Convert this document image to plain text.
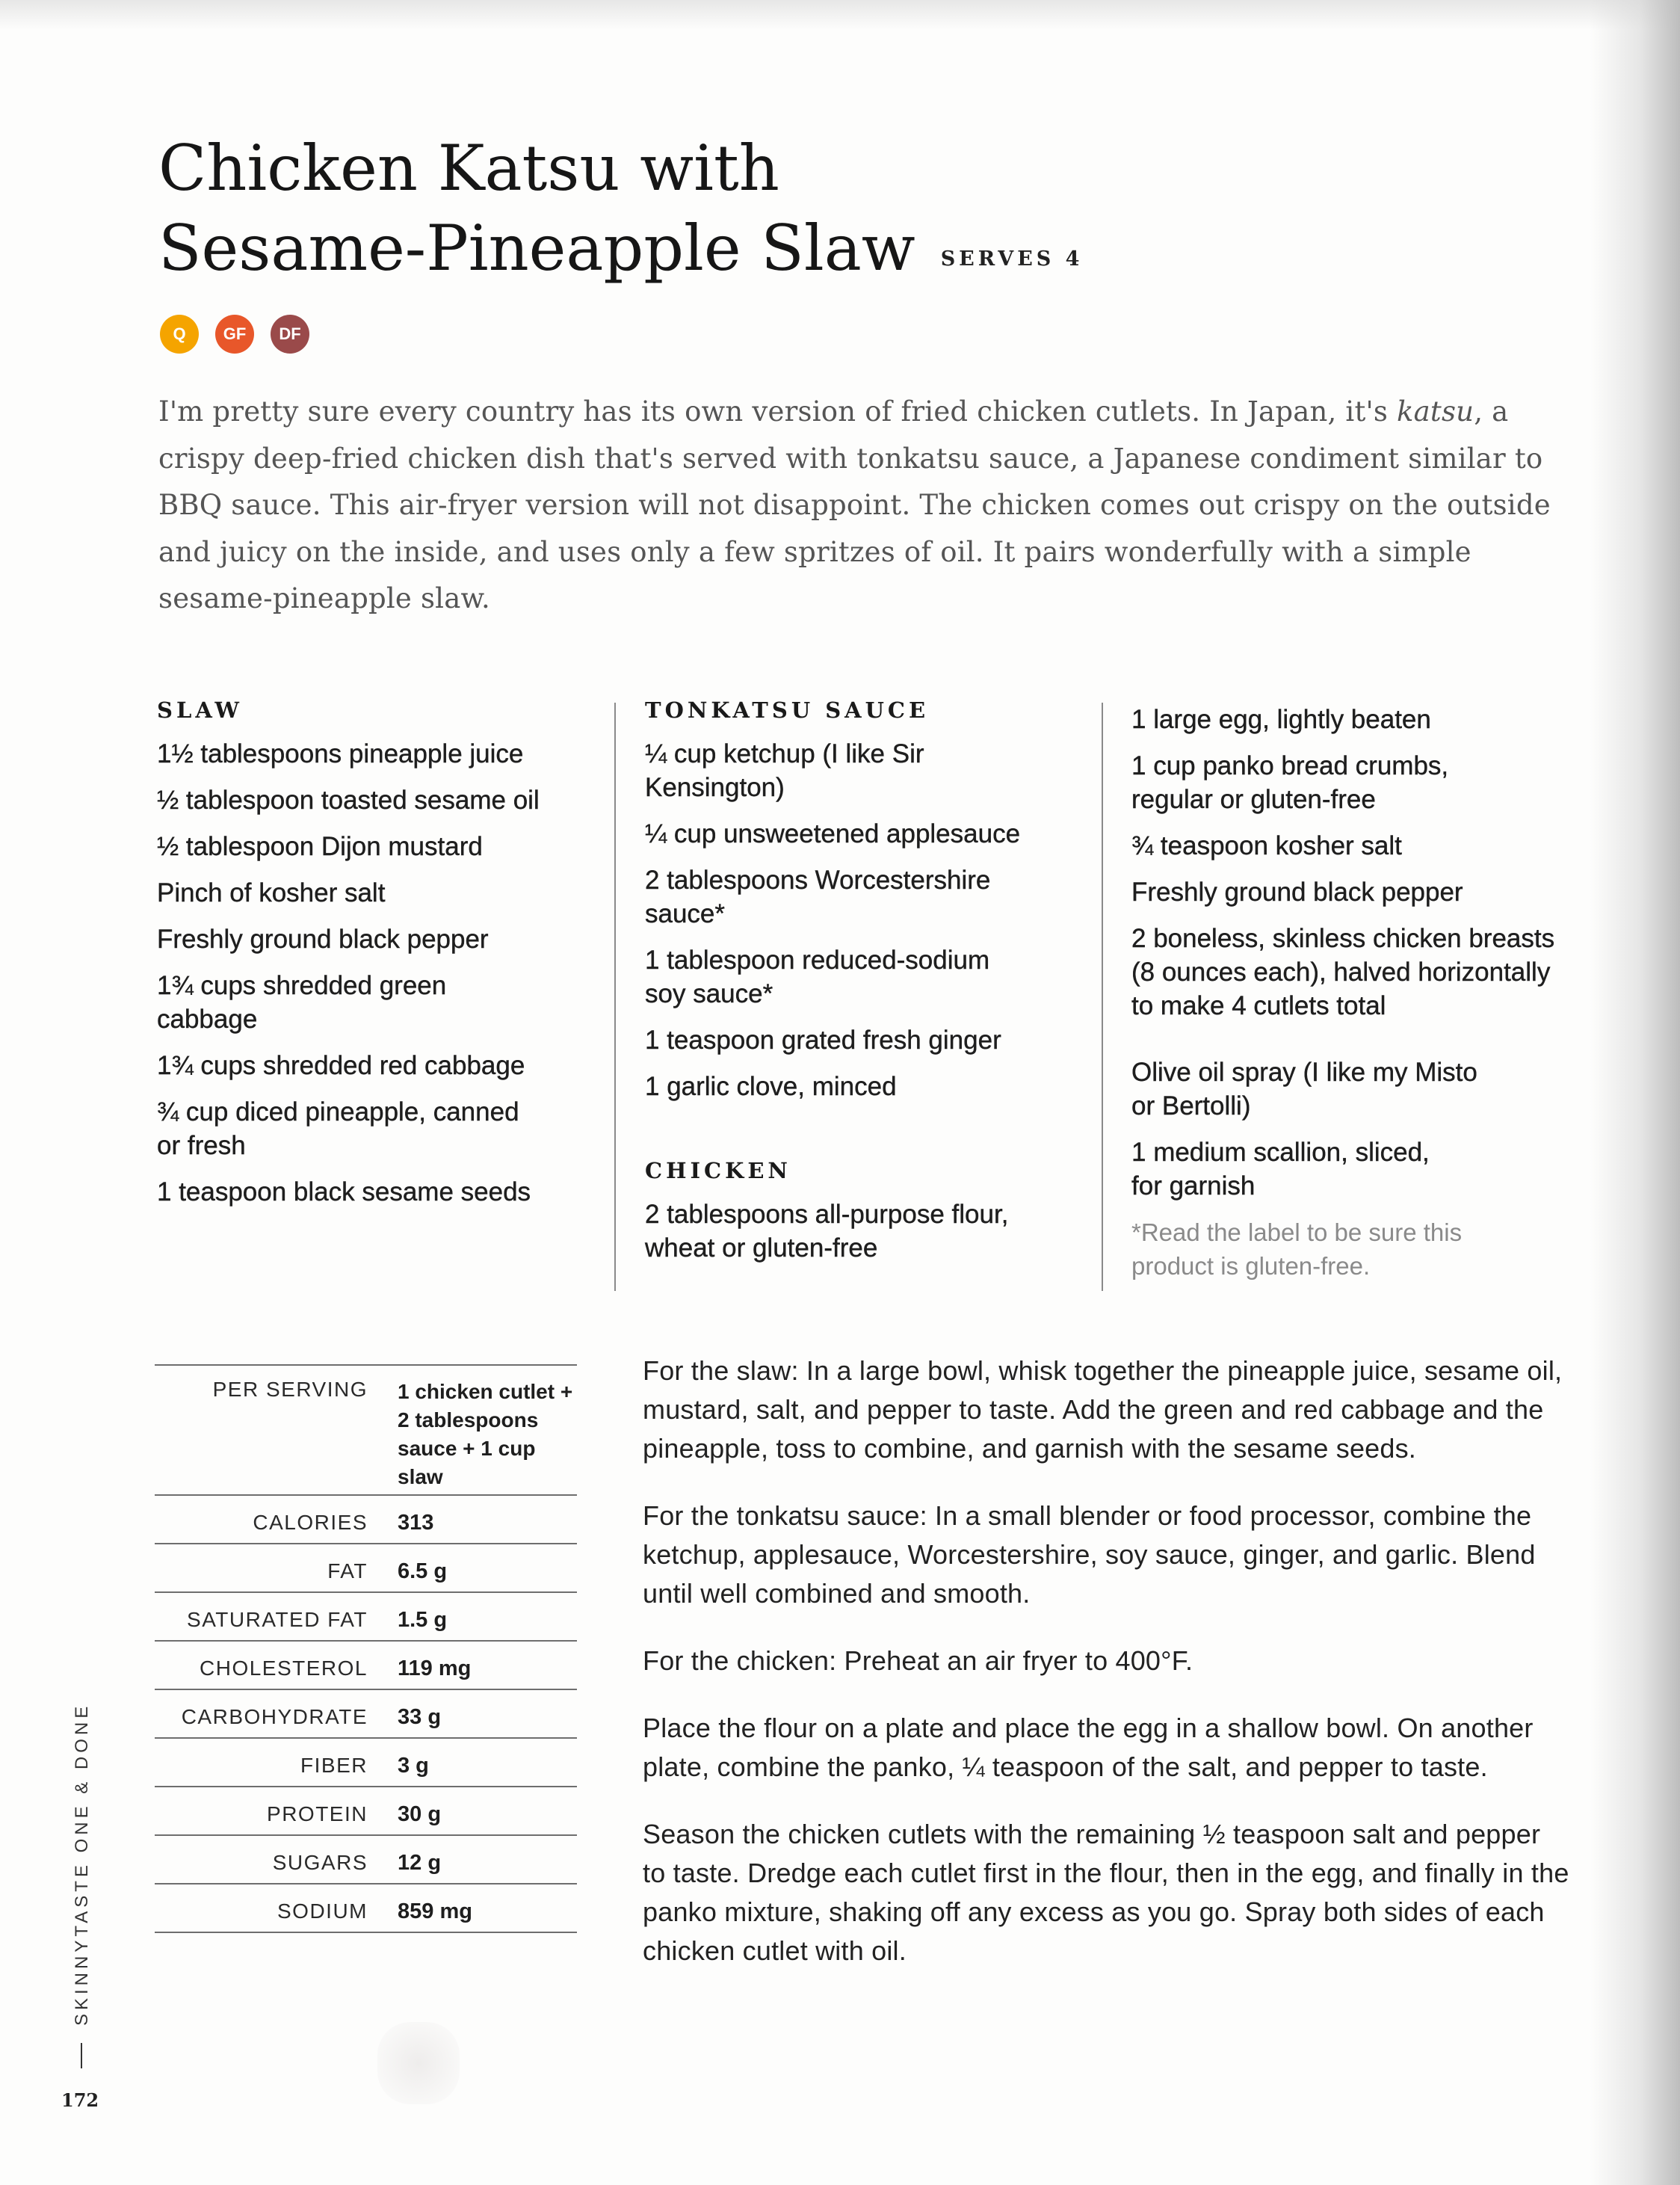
Chicken Katsu with
Sesame-Pineapple Slaw SERVES 4
Q	GF	DF

I'm pretty sure every country has its own version of fried chicken cutlets. In Japan, it's katsu, a crispy deep-fried chicken dish that's served with tonkatsu sauce, a Japanese condiment similar to BBQ sauce. This air-fryer version will not disappoint. The chicken comes out crispy on the outside and juicy on the inside, and uses only a few spritzes of oil. It pairs wonderfully with a simple sesame-pineapple slaw.

SLAW
1½ tablespoons pineapple juice
½ tablespoon toasted sesame oil
½ tablespoon Dijon mustard
Pinch of kosher salt
Freshly ground black pepper
1¾ cups shredded green cabbage
1¾ cups shredded red cabbage
¾ cup diced pineapple, canned or fresh
1 teaspoon black sesame seeds
TONKATSU SAUCE
¼ cup ketchup (I like Sir Kensington)
¼ cup unsweetened applesauce
2 tablespoons Worcestershire sauce*
1 tablespoon reduced-sodium soy sauce*
1 teaspoon grated fresh ginger
1 garlic clove, minced
CHICKEN
2 tablespoons all-purpose flour, wheat or gluten-free
1 large egg, lightly beaten
1 cup panko bread crumbs, regular or gluten-free
¾ teaspoon kosher salt
Freshly ground black pepper
2 boneless, skinless chicken breasts (8 ounces each), halved horizontally to make 4 cutlets total
Olive oil spray (I like my Misto or Bertolli)
1 medium scallion, sliced, for garnish

*Read the label to be sure this product is gluten-free.

PER SERVING	1 chicken cutlet + 2 tablespoons sauce + 1 cup slaw
CALORIES	313
FAT	6.5 g
SATURATED FAT	1.5 g
CHOLESTEROL	119 mg
CARBOHYDRATE	33 g
FIBER	3 g
PROTEIN	30 g
SUGARS	12 g
SODIUM	859 mg

For the slaw: In a large bowl, whisk together the pineapple juice, sesame oil, mustard, salt, and pepper to taste. Add the green and red cabbage and the pineapple, toss to combine, and garnish with the sesame seeds.

For the tonkatsu sauce: In a small blender or food processor, combine the ketchup, applesauce, Worcestershire, soy sauce, ginger, and garlic. Blend until well combined and smooth.

For the chicken: Preheat an air fryer to 400°F.

Place the flour on a plate and place the egg in a shallow bowl. On another plate, combine the panko, ¼ teaspoon of the salt, and pepper to taste.

Season the chicken cutlets with the remaining ½ teaspoon salt and pepper to taste. Dredge each cutlet first in the flour, then in the egg, and finally in the panko mixture, shaking off any excess as you go. Spray both sides of each chicken cutlet with oil.

SKINNYTASTE ONE & DONE
172
